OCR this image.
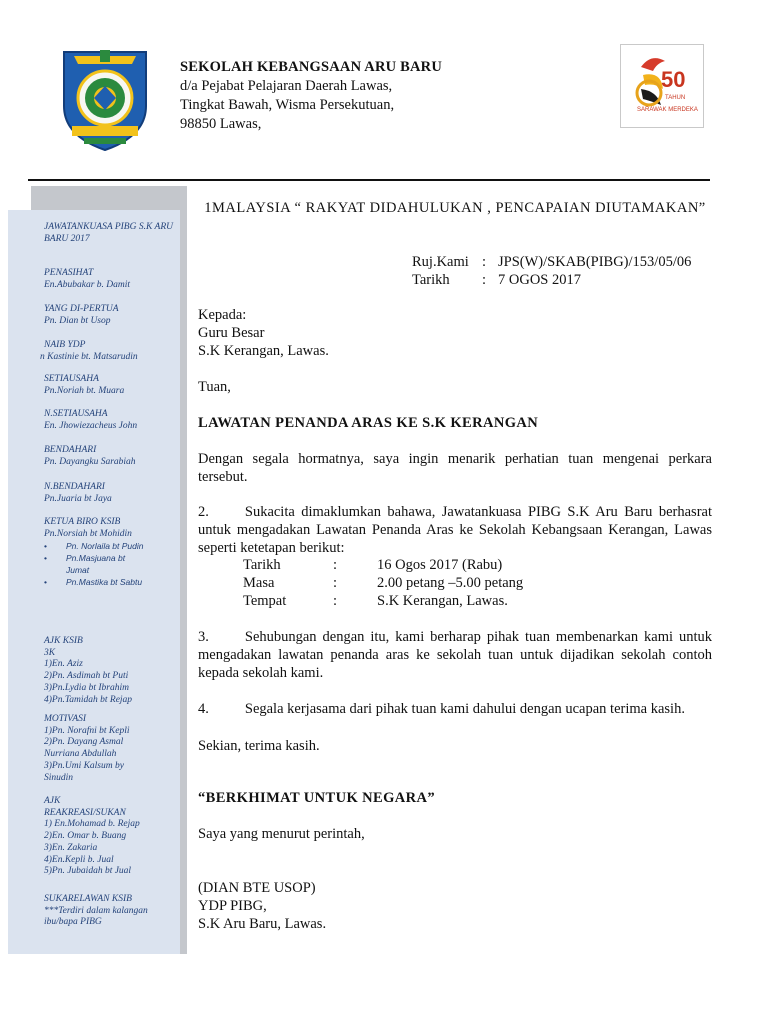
50
TAHUN
SARAWAK MERDEKA
SEKOLAH KEBANGSAAN ARU BARU
d/a Pejabat Pelajaran Daerah Lawas,
Tingkat Bawah, Wisma Persekutuan,
98850 Lawas,
JAWATANKUASA PIBG S.K ARU BARU 2017
PENASIHAT
En.Abubakar b. Damit
YANG DI-PERTUA
Pn. Dian bt Usop
NAIB YDP
n Kastinie bt. Matsarudin
SETIAUSAHA
Pn.Noriah bt. Muara
N.SETIAUSAHA
En. Jhowiezacheus John
BENDAHARI
Pn. Dayangku Sarabiah
N.BENDAHARI
Pn.Juaria bt Jaya
KETUA BIRO KSIB
Pn.Norsiah bt Mohidin
• Pn. Norlaila bt Pudin
• Pn.Masjuana bt Jumat
• Pn.Mastika bt Sabtu
AJK KSIB
3K
1)En. Aziz
2)Pn. Asdimah bt Puti
3)Pn.Lydia bt Ibrahim
4)Pn.Tamidah bt Rejap
MOTIVASI
1)Pn. Norafni bt Kepli
2)Pn. Dayang Asmal Nurriana Abdullah
3)Pn.Umi Kalsum by Sinudin
AJK REAKREASI/SUKAN
1) En.Mohamad b. Rejap
2)En. Omar b. Buang
3)En. Zakaria
4)En.Kepli b. Jual
5)Pn. Jubaidah bt Jual
SUKARELAWAN KSIB
***Terdiri dalam kalangan ibu/bapa PIBG
1MALAYSIA “ RAKYAT DIDAHULUKAN , PENCAPAIAN DIUTAMAKAN”
Ruj.Kami	:	JPS(W)/SKAB(PIBG)/153/05/06
Tarikh	:	7 OGOS 2017
Kepada:
Guru Besar
S.K Kerangan, Lawas.
Tuan,
LAWATAN PENANDA ARAS KE S.K KERANGAN
Dengan segala hormatnya, saya ingin menarik perhatian tuan mengenai perkara tersebut.
2. Sukacita dimaklumkan bahawa, Jawatankuasa PIBG S.K Aru Baru berhasrat untuk mengadakan Lawatan Penanda Aras ke Sekolah Kebangsaan Kerangan, Lawas seperti ketetapan berikut:
Tarikh	:	16 Ogos 2017 (Rabu)
Masa	:	2.00 petang –5.00 petang
Tempat	:	S.K Kerangan, Lawas.
3. Sehubungan dengan itu, kami berharap pihak tuan membenarkan kami untuk mengadakan lawatan penanda aras ke sekolah tuan untuk dijadikan sekolah contoh kepada sekolah kami.
4. Segala kerjasama dari pihak tuan kami dahului dengan ucapan terima kasih.
Sekian, terima kasih.
“BERKHIMAT UNTUK NEGARA”
Saya yang menurut perintah,
(DIAN BTE USOP)
YDP PIBG,
S.K Aru Baru, Lawas.
